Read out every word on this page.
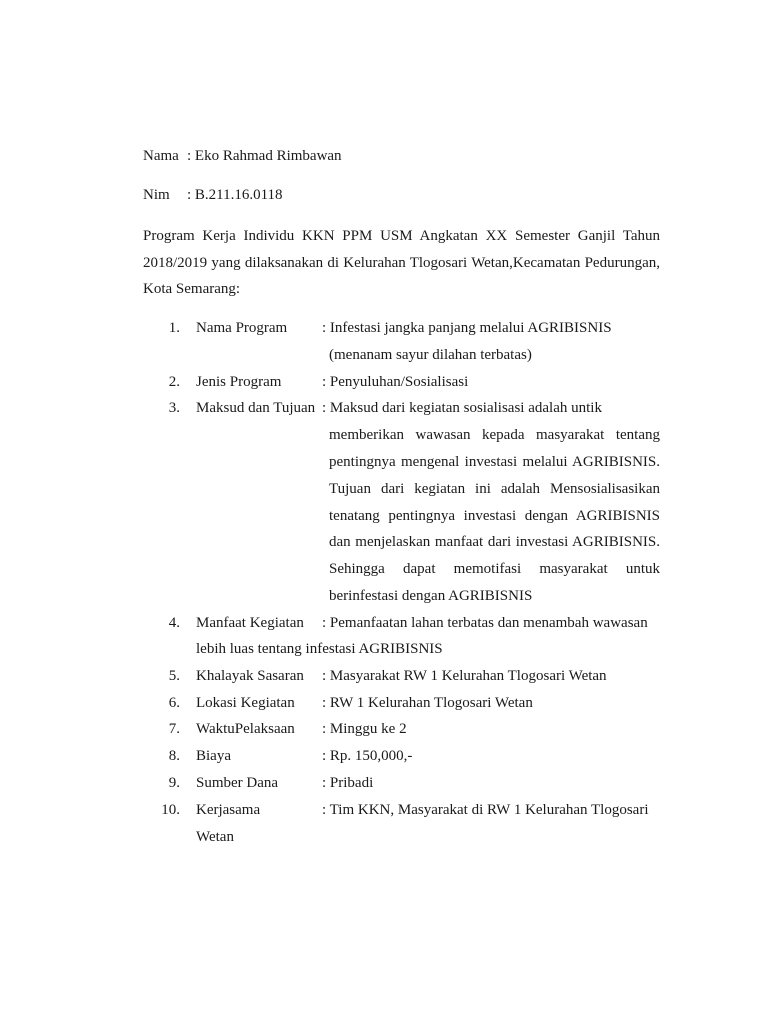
Nama : Eko Rahmad Rimbawan
Nim : B.211.16.0118
Program Kerja Individu KKN PPM USM Angkatan XX Semester Ganjil Tahun
2018/2019 yang dilaksanakan di Kelurahan Tlogosari Wetan,Kecamatan Pedurungan,
Kota Semarang:
1. Nama Program : Infestasi jangka panjang melalui AGRIBISNIS
(menanam sayur dilahan terbatas)
2. Jenis Program	: Penyuluhan/Sosialisasi
3. Maksud dan Tujuan : Maksud dari kegiatan sosialisasi adalah untik
memberikan wawasan kepada masyarakat tentang
pentingnya mengenal investasi melalui AGRIBISNIS.
Tujuan dari kegiatan ini adalah Mensosialisasikan
tenatang pentingnya investasi dengan AGRIBISNIS
dan menjelaskan manfaat dari investasi AGRIBISNIS.
Sehingga dapat memotifasi masyarakat untuk
berinfestasi dengan AGRIBISNIS
4. Manfaat Kegiatan : Pemanfaatan lahan terbatas dan menambah wawasan
lebih luas tentang infestasi AGRIBISNIS
5. Khalayak Sasaran : Masyarakat RW 1 Kelurahan Tlogosari Wetan
6. Lokasi Kegiatan : RW 1 Kelurahan Tlogosari Wetan
7. WaktuPelaksaan : Minggu ke 2
8. Biaya	: Rp. 150,000,-
9. Sumber Dana	: Pribadi
10. Kerjasama	: Tim KKN, Masyarakat di RW 1 Kelurahan Tlogosari
Wetan
